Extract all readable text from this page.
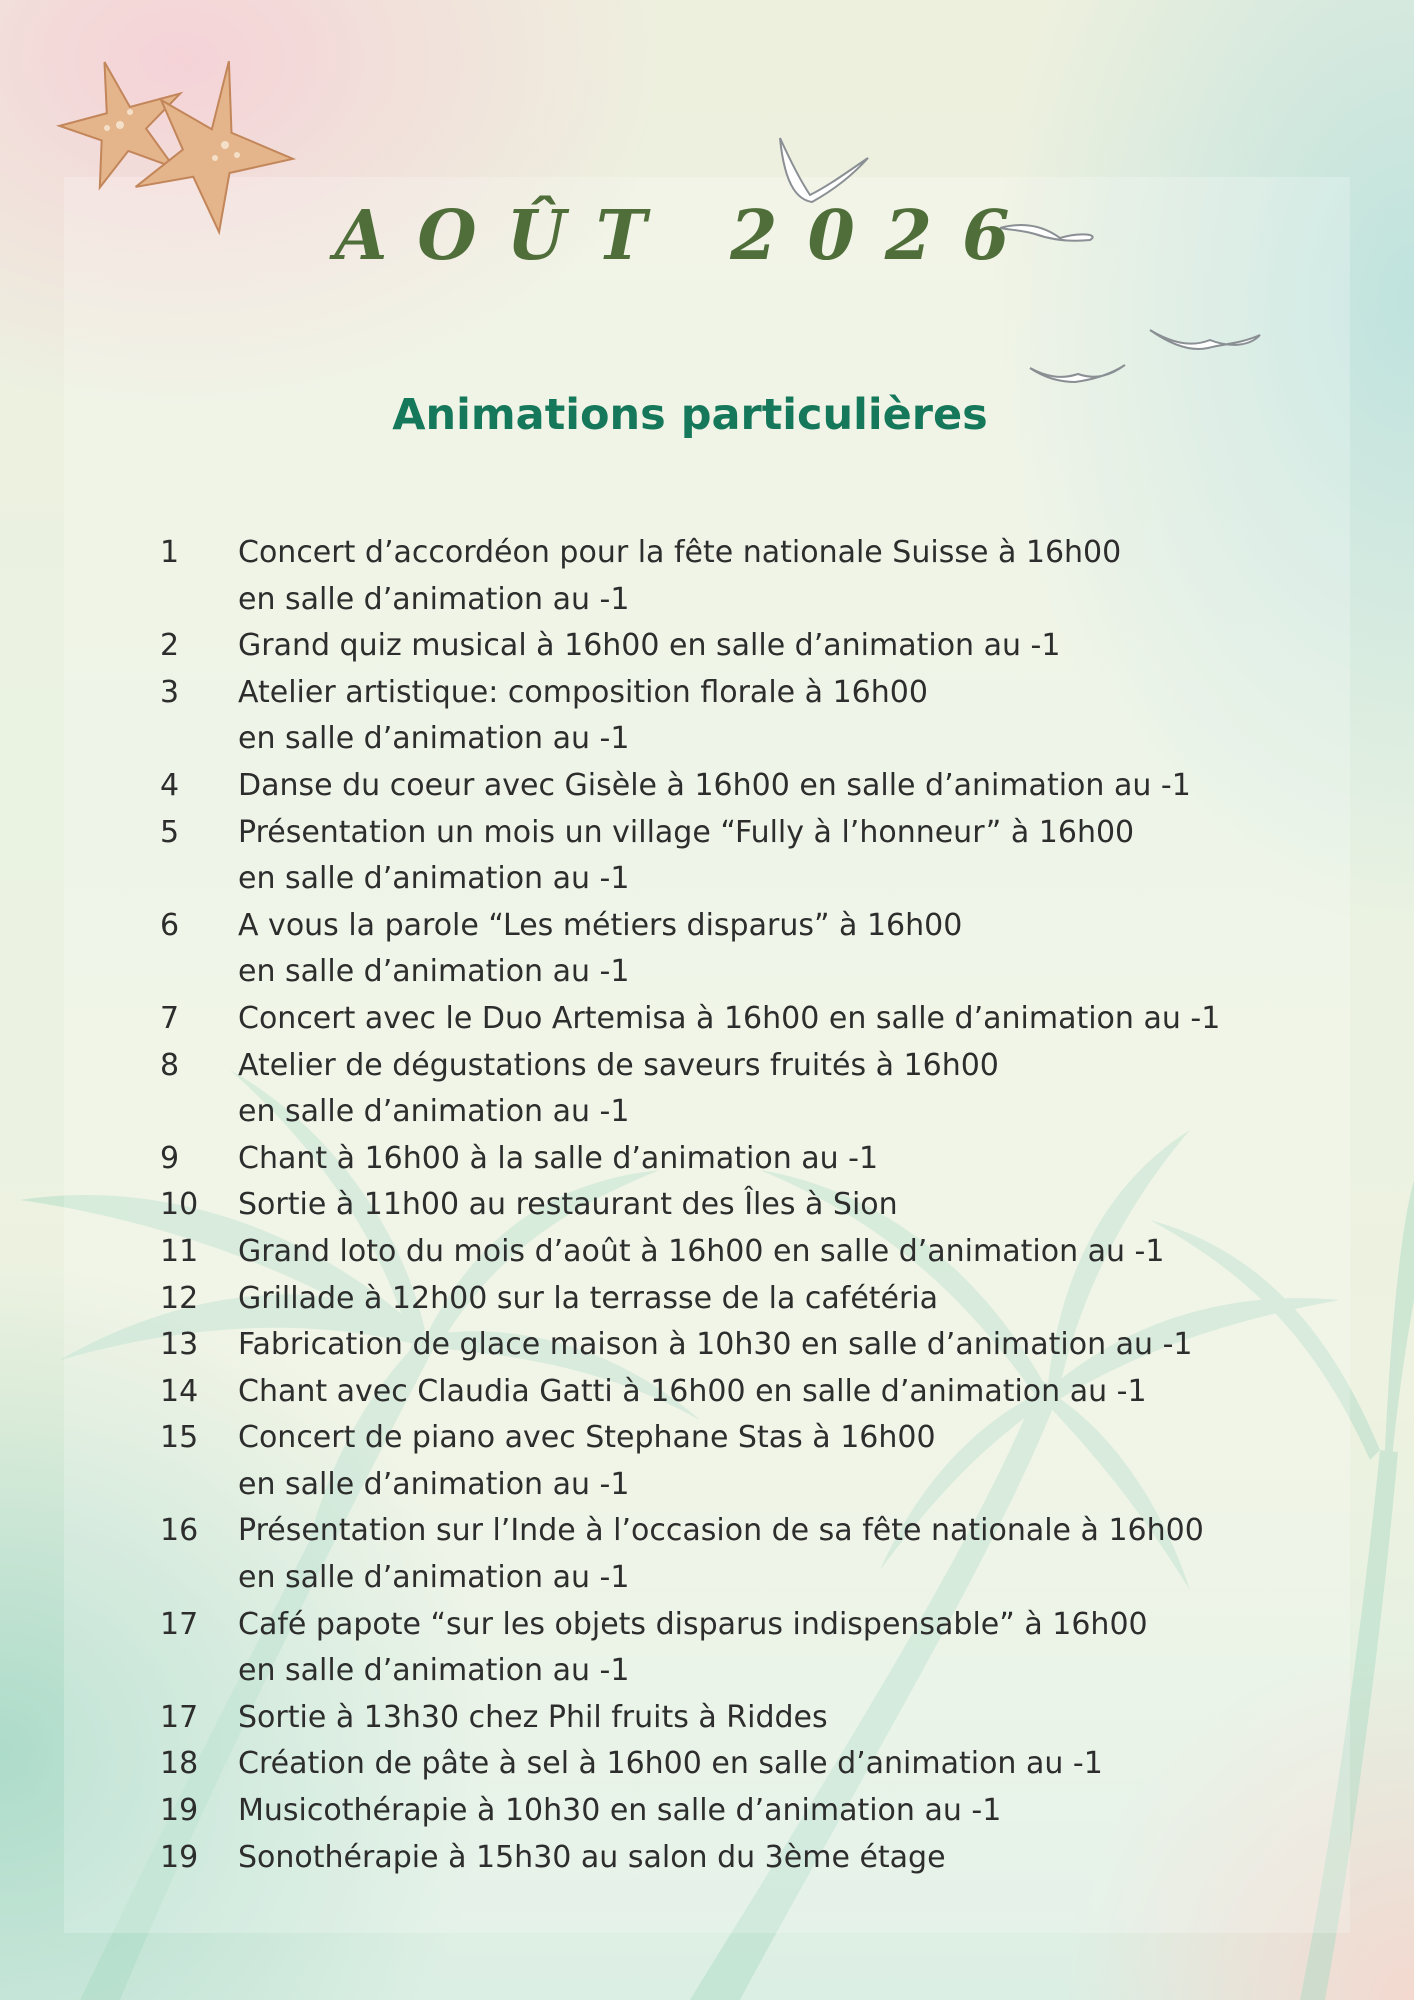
AOÛT 2026
Animations particulières
1	Concert d’accordéon pour la fête nationale Suisse à 16h00
en salle d’animation au -1
2	Grand quiz musical à 16h00 en salle d’animation au -1
3	Atelier artistique: composition florale à 16h00
en salle d’animation au -1
4	Danse du coeur avec Gisèle à 16h00 en salle d’animation au -1
5	Présentation un mois un village “Fully à l’honneur” à 16h00
en salle d’animation au -1
6	A vous la parole “Les métiers disparus” à 16h00
en salle d’animation au -1
7	Concert avec le Duo Artemisa à 16h00 en salle d’animation au -1
8	Atelier de dégustations de saveurs fruités à 16h00
en salle d’animation au -1
9	Chant à 16h00 à la salle d’animation au -1
10	Sortie à 11h00 au restaurant des Îles à Sion
11	Grand loto du mois d’août à 16h00 en salle d’animation au -1
12	Grillade à 12h00 sur la terrasse de la cafétéria
13	Fabrication de glace maison à 10h30 en salle d’animation au -1
14	Chant avec Claudia Gatti à 16h00 en salle d’animation au -1
15	Concert de piano avec Stephane Stas à 16h00
en salle d’animation au -1
16	Présentation sur l’Inde à l’occasion de sa fête nationale à 16h00
en salle d’animation au -1
17	Café papote “sur les objets disparus indispensable” à 16h00
en salle d’animation au -1
17	Sortie à 13h30 chez Phil fruits à Riddes
18	Création de pâte à sel à 16h00 en salle d’animation au -1
19	Musicothérapie à 10h30 en salle d’animation au -1
19	Sonothérapie à 15h30 au salon du 3ème étage
